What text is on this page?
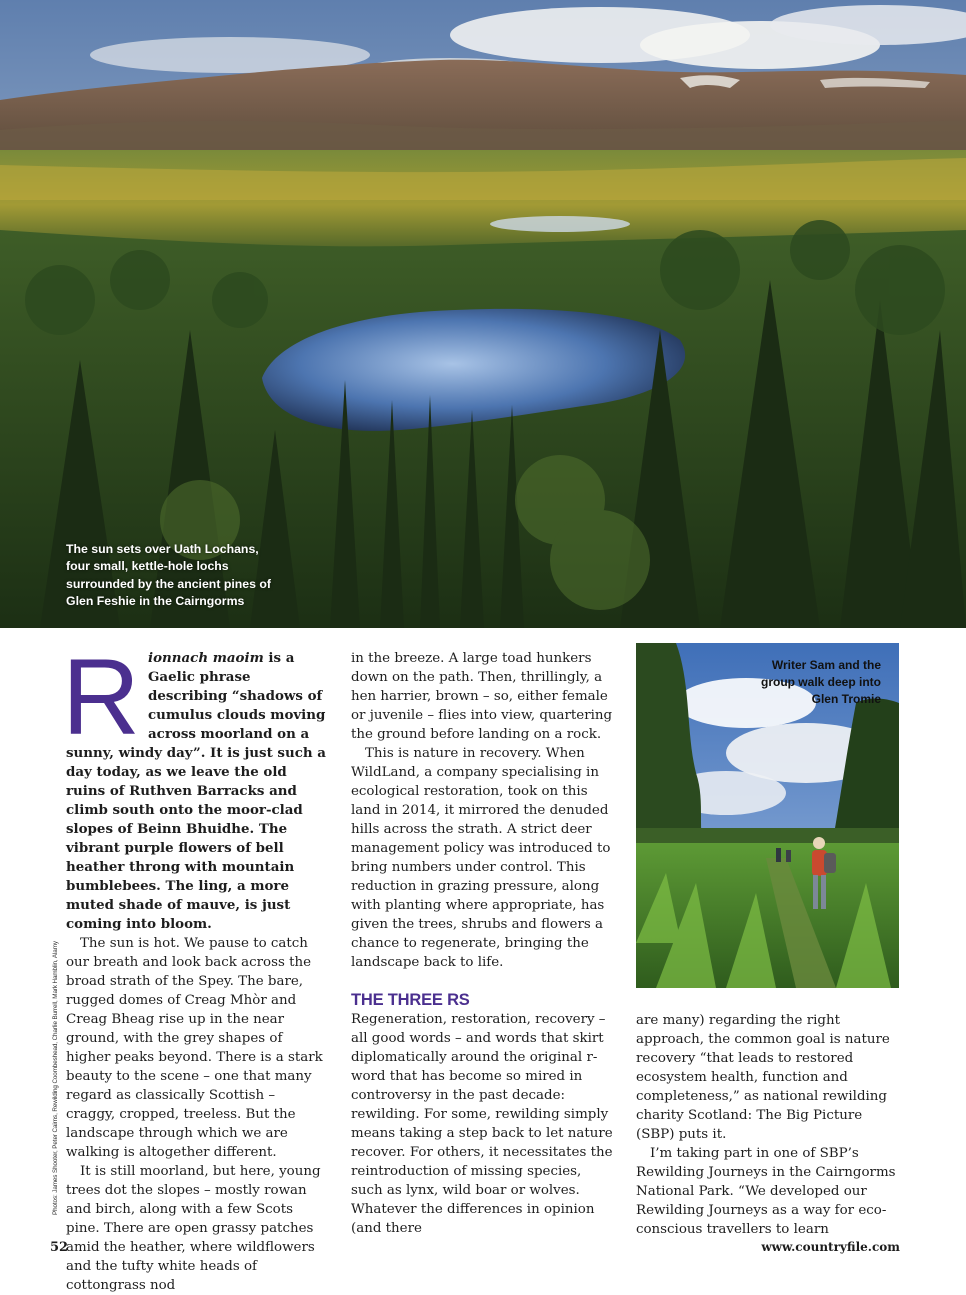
The sun sets over Uath Lochans, four small, kettle-hole lochs surrounded by the ancient pines of Glen Feshie in the Cairngorms

Rionnach maoim is a Gaelic phrase describing “shadows of cumulus clouds moving across moorland on a sunny, windy day”. It is just such a day today, as we leave the old ruins of Ruthven Barracks and climb south onto the moor-clad slopes of Beinn Bhuidhe. The vibrant purple flowers of bell heather throng with mountain bumblebees. The ling, a more muted shade of mauve, is just coming into bloom.

The sun is hot. We pause to catch our breath and look back across the broad strath of the Spey. The bare, rugged domes of Creag Mhòr and Creag Bheag rise up in the near ground, with the grey shapes of higher peaks beyond. There is a stark beauty to the scene – one that many regard as classically Scottish – craggy, cropped, treeless. But the landscape through which we are walking is altogether different.

It is still moorland, but here, young trees dot the slopes – mostly rowan and birch, along with a few Scots pine. There are open grassy patches amid the heather, where wildflowers and the tufty white heads of cottongrass nod

in the breeze. A large toad hunkers down on the path. Then, thrillingly, a hen harrier, brown – so, either female or juvenile – flies into view, quartering the ground before landing on a rock.

This is nature in recovery. When WildLand, a company specialising in ecological restoration, took on this land in 2014, it mirrored the denuded hills across the strath. A strict deer management policy was introduced to bring numbers under control. This reduction in grazing pressure, along with planting where appropriate, has given the trees, shrubs and flowers a chance to regenerate, bringing the landscape back to life.

THE THREE RS

Regeneration, restoration, recovery – all good words – and words that skirt diplomatically around the original r-word that has become so mired in controversy in the past decade: rewilding. For some, rewilding simply means taking a step back to let nature recover. For others, it necessitates the reintroduction of missing species, such as lynx, wild boar or wolves. Whatever the differences in opinion (and there

Writer Sam and the group walk deep into Glen Tromie

are many) regarding the right approach, the common goal is nature recovery “that leads to restored ecosystem health, function and completeness,” as national rewilding charity Scotland: The Big Picture (SBP) puts it.

I’m taking part in one of SBP’s Rewilding Journeys in the Cairngorms National Park. “We developed our Rewilding Journeys as a way for eco-conscious travellers to learn

Photos: James Shooter, Peter Cairns, Rewilding Coombeshead, Charlie Burrell, Mark Hamblin, Alamy
52	www.countryfile.com
